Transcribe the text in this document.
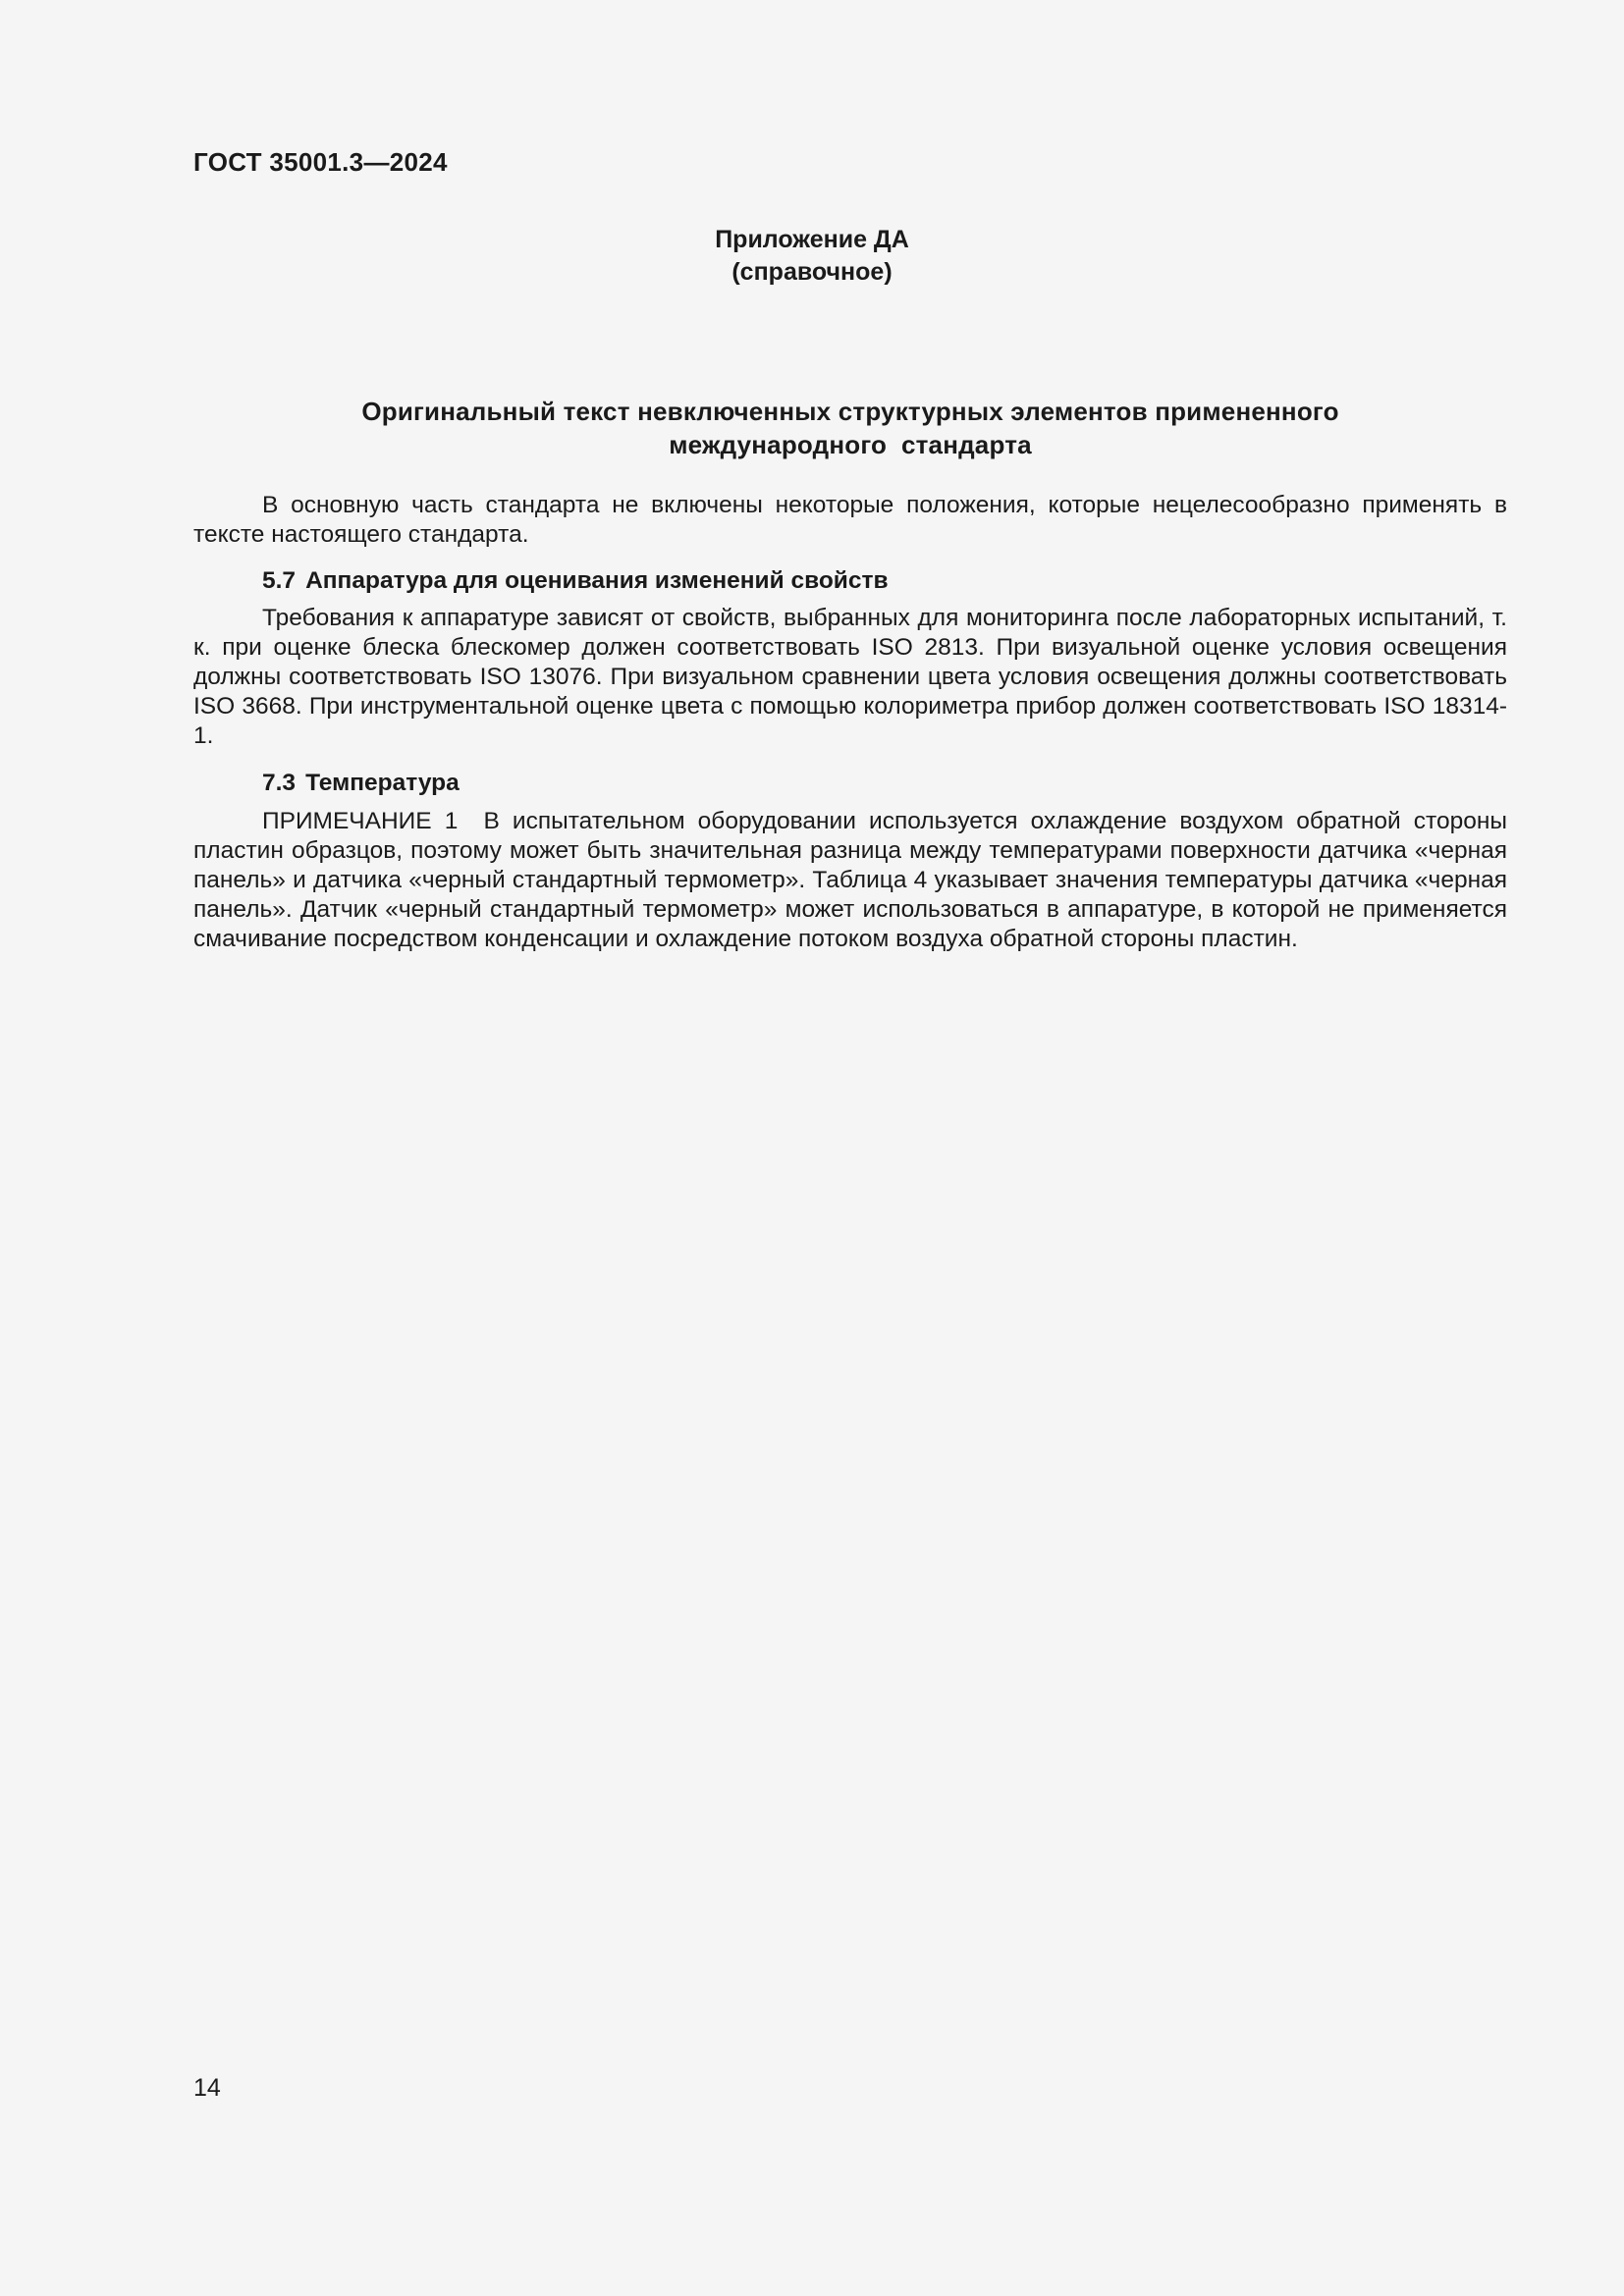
ГОСТ 35001.3—2024
Приложение ДА
(справочное)
Оригинальный текст невключенных структурных элементов примененного
международного  стандарта

В основную часть стандарта не включены некоторые положения, которые нецелесообразно применять в тексте настоящего стандарта.

5.7 Аппаратура для оценивания изменений свойств

Требования к аппаратуре зависят от свойств, выбранных для мониторинга после лабораторных испытаний, т. к. при оценке блеска блескомер должен соответствовать ISO 2813. При визуальной оценке условия освещения должны соответствовать ISO 13076. При визуальном сравнении цвета условия освещения должны соответствовать ISO 3668. При инструментальной оценке цвета с помощью колориметра прибор должен соответствовать ISO 18314-1.

7.3 Температура

ПРИМЕЧАНИЕ 1  В испытательном оборудовании используется охлаждение воздухом обратной стороны пластин образцов, поэтому может быть значительная разница между температурами поверхности датчика «черная панель» и датчика «черный стандартный термометр». Таблица 4 указывает значения температуры датчика «черная панель». Датчик «черный стандартный термометр» может использоваться в аппаратуре, в которой не применяется смачивание посредством конденсации и охлаждение потоком воздуха обратной стороны пластин.

14
